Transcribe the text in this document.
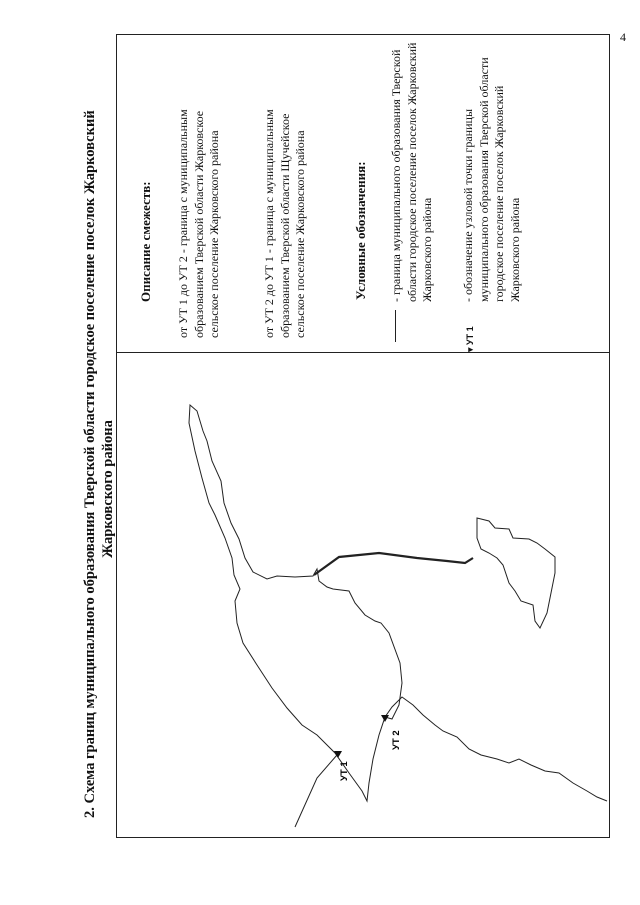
4
2. Схема границ муниципального образования Тверской области городское поселение поселок Жарковский Жарковского района
Описание смежеств: от УТ 1 до УТ 2 - граница с муниципальным образованием Тверской области Жарковское сельское поселение Жарковского района	от УТ 2 до УТ 1 - граница с муниципальным образованием Тверской области Щучейское сельское поселение Жарковского района	Условные обозначения: - граница муниципального образования Тверской области городское поселение поселок Жарковский Жарковского района
▾ УТ 1
- обозначение узловой точки границы муниципального образования Тверской области городское поселение поселок Жарковский Жарковского района
УТ 1
УТ 2
